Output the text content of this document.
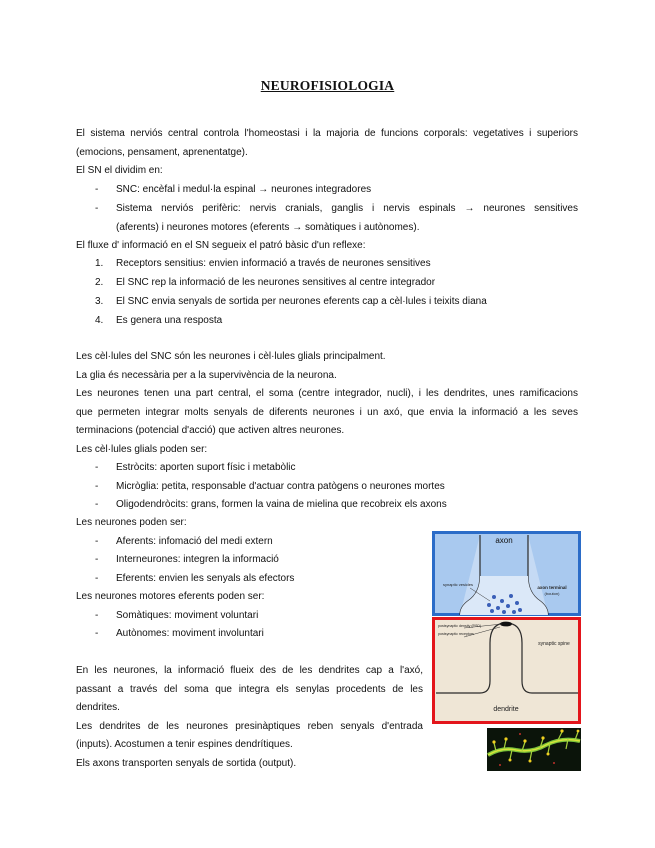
NEUROFISIOLOGIA
El sistema nerviós central controla l'homeostasi i la majoria de funcions corporals: vegetatives i superiors
(emocions, pensament, aprenentatge).
El SN el dividim en:
- SNC: encèfal i medul·la espinal → neurones integradores
- Sistema nerviós perifèric: nervis cranials, ganglis i nervis espinals → neurones sensitives
(aferents) i neurones motores (eferents → somàtiques i autònomes).
El fluxe d' informació en el SN segueix el patró bàsic d'un reflexe:
1. Receptors sensitius: envien informació a través de neurones sensitives
2. El SNC rep la informació de les neurones sensitives al centre integrador
3. El SNC envia senyals de sortida per neurones eferents cap a cèl·lules i teixits diana
4. Es genera una resposta
Les cèl·lules del SNC són les neurones i cèl·lules glials principalment.
La glia és necessària per a la supervivència de la neurona.
Les neurones tenen una part central, el soma (centre integrador, nucli), i les dendrites, unes ramificacions
que permeten integrar molts senyals de diferents neurones i un axó, que envia la informació a les seves
terminacions (potencial d'acció) que activen altres neurones.
Les cèl·lules glials poden ser:
- Estròcits: aporten suport físic i metabòlic
- Micròglia: petita, responsable d'actuar contra patògens o neurones mortes
- Oligodendròcits: grans, formen la vaina de mielina que recobreix els axons
Les neurones poden ser:
- Aferents: infomació del medi extern
- Interneurones: integren la informació
- Eferents: envien les senyals als efectors
Les neurones motores eferents poden ser:
- Somàtiques: moviment voluntari
- Autònomes: moviment involuntari
En les neurones, la informació flueix des de les dendrites cap a l'axó,
passant a través del soma que integra els senylas procedents de les
dendrites.
Les dendrites de les neurones presinàptiques reben senyals d'entrada
(inputs). Acostumen a tenir espines dendrítiques.
Els axons transporten senyals de sortida (output).
axon
synaptic vesicles
axon terminal
(bouton)
postsynaptic density (PSD)
postsynaptic receptors
synaptic spine
dendrite
